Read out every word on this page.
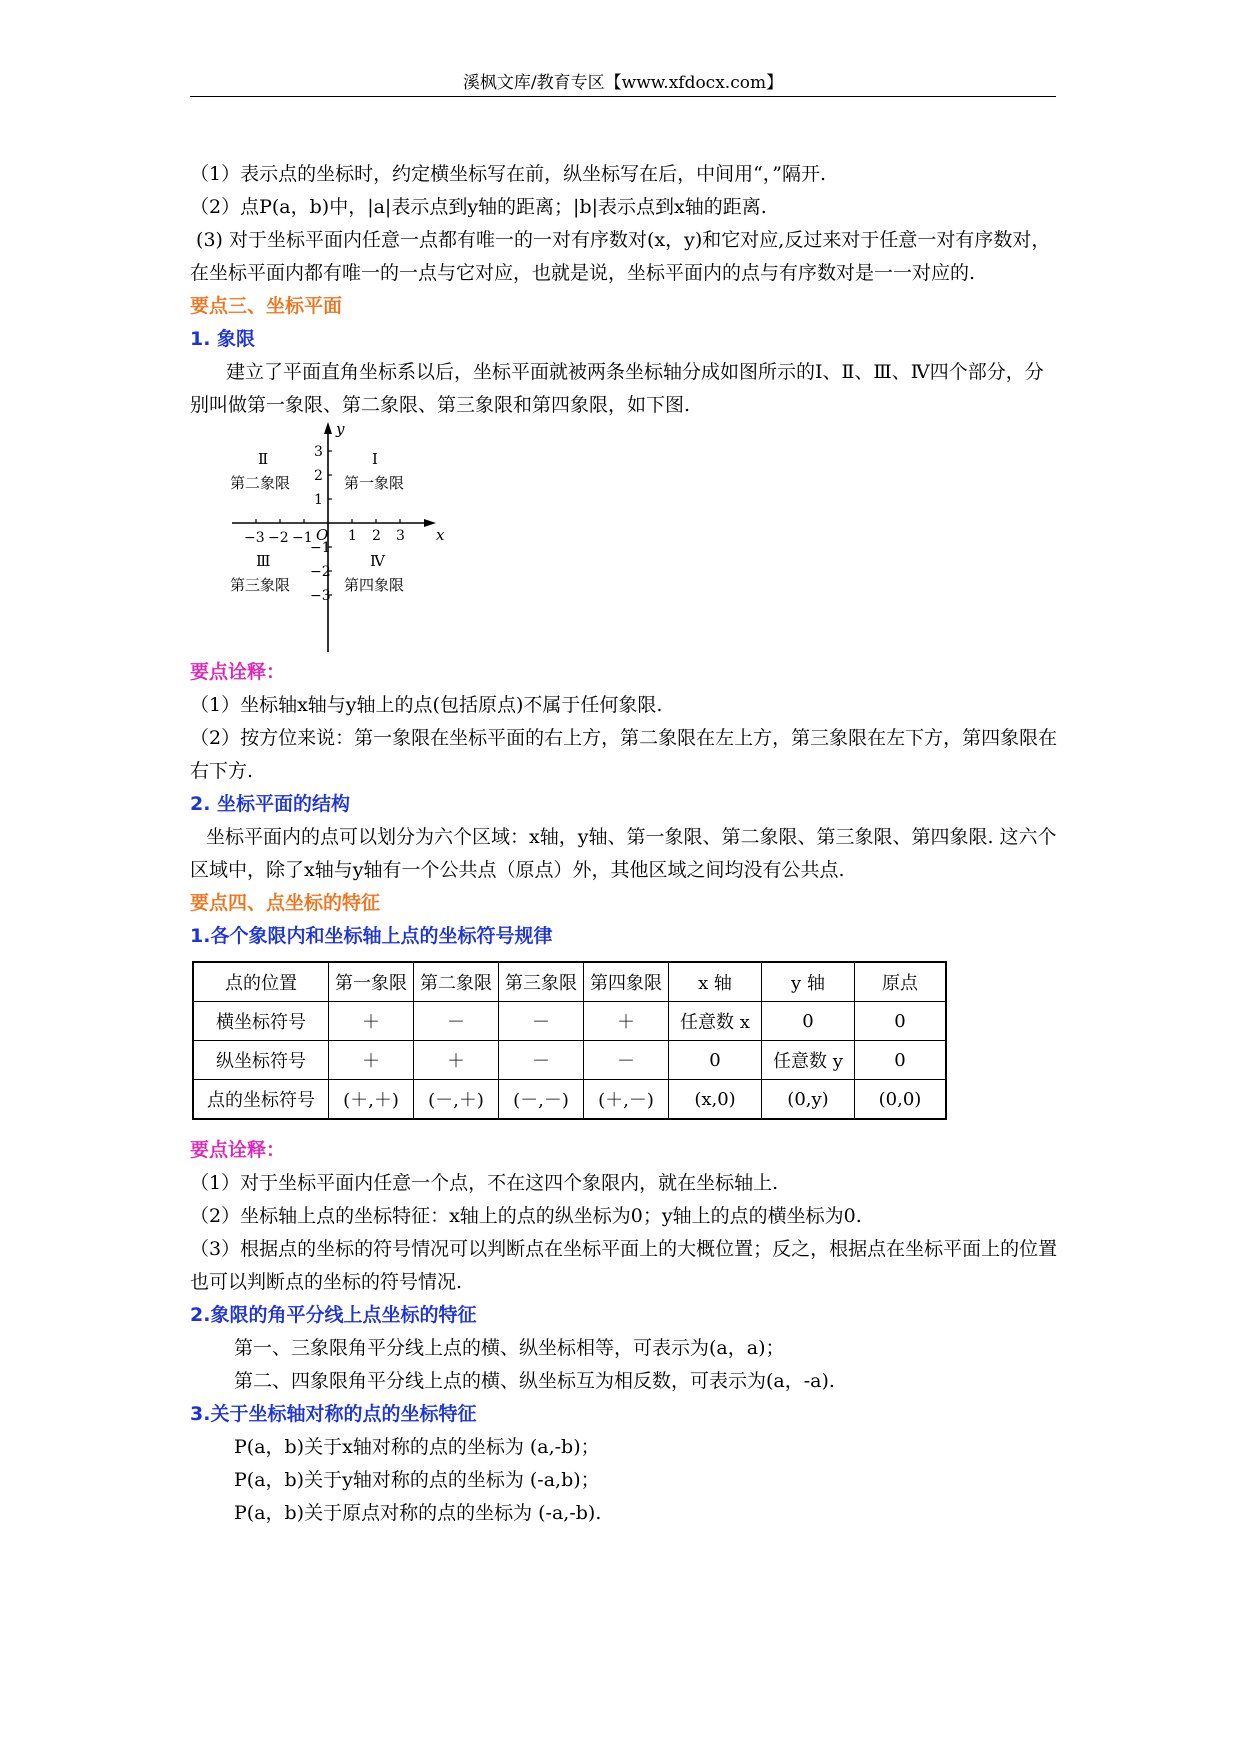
溪枫文库/教育专区【www.xfdocx.com】

（1）表示点的坐标时，约定横坐标写在前，纵坐标写在后，中间用“，”隔开.

（2）点P(a，b)中，|a|表示点到y轴的距离；|b|表示点到x轴的距离.

(3) 对于坐标平面内任意一点都有唯一的一对有序数对(x，y)和它对应,反过来对于任意一对有序数对，在坐标平面内都有唯一的一点与它对应，也就是说，坐标平面内的点与有序数对是一一对应的.

要点三、坐标平面

1. 象限

建立了平面直角坐标系以后，坐标平面就被两条坐标轴分成如图所示的Ⅰ、Ⅱ、Ⅲ、Ⅳ四个部分，分别叫做第一象限、第二象限、第三象限和第四象限，如下图.

x
y
O
−3 −2 −1	1 2 3
3
2
1
−1
−2
−3
Ⅱ
第二象限
Ⅰ
第一象限
Ⅲ
第三象限
Ⅳ
第四象限

要点诠释：

（1）坐标轴x轴与y轴上的点(包括原点)不属于任何象限.

（2）按方位来说：第一象限在坐标平面的右上方，第二象限在左上方，第三象限在左下方，第四象限在右下方.

2. 坐标平面的结构

坐标平面内的点可以划分为六个区域：x轴，y轴、第一象限、第二象限、第三象限、第四象限. 这六个区域中，除了x轴与y轴有一个公共点（原点）外，其他区域之间均没有公共点.

要点四、点坐标的特征

1.各个象限内和坐标轴上点的坐标符号规律

点的位置	第一象限	第二象限	第三象限	第四象限	x 轴	y 轴	原点
横坐标符号	＋	－	－	＋	任意数 x	0	0
纵坐标符号	＋	＋	－	－	0	任意数 y	0
点的坐标符号	(＋,＋)	(－,＋)	(－,－)	(＋,－)	(x,0)	(0,y)	(0,0)

要点诠释：

（1）对于坐标平面内任意一个点，不在这四个象限内，就在坐标轴上.

（2）坐标轴上点的坐标特征：x轴上的点的纵坐标为0；y轴上的点的横坐标为0.

（3）根据点的坐标的符号情况可以判断点在坐标平面上的大概位置；反之，根据点在坐标平面上的位置也可以判断点的坐标的符号情况.

2.象限的角平分线上点坐标的特征

第一、三象限角平分线上点的横、纵坐标相等，可表示为(a，a)；

第二、四象限角平分线上点的横、纵坐标互为相反数，可表示为(a，-a).

3.关于坐标轴对称的点的坐标特征

P(a，b)关于x轴对称的点的坐标为 (a,-b)；

P(a，b)关于y轴对称的点的坐标为 (-a,b)；

P(a，b)关于原点对称的点的坐标为 (-a,-b).
